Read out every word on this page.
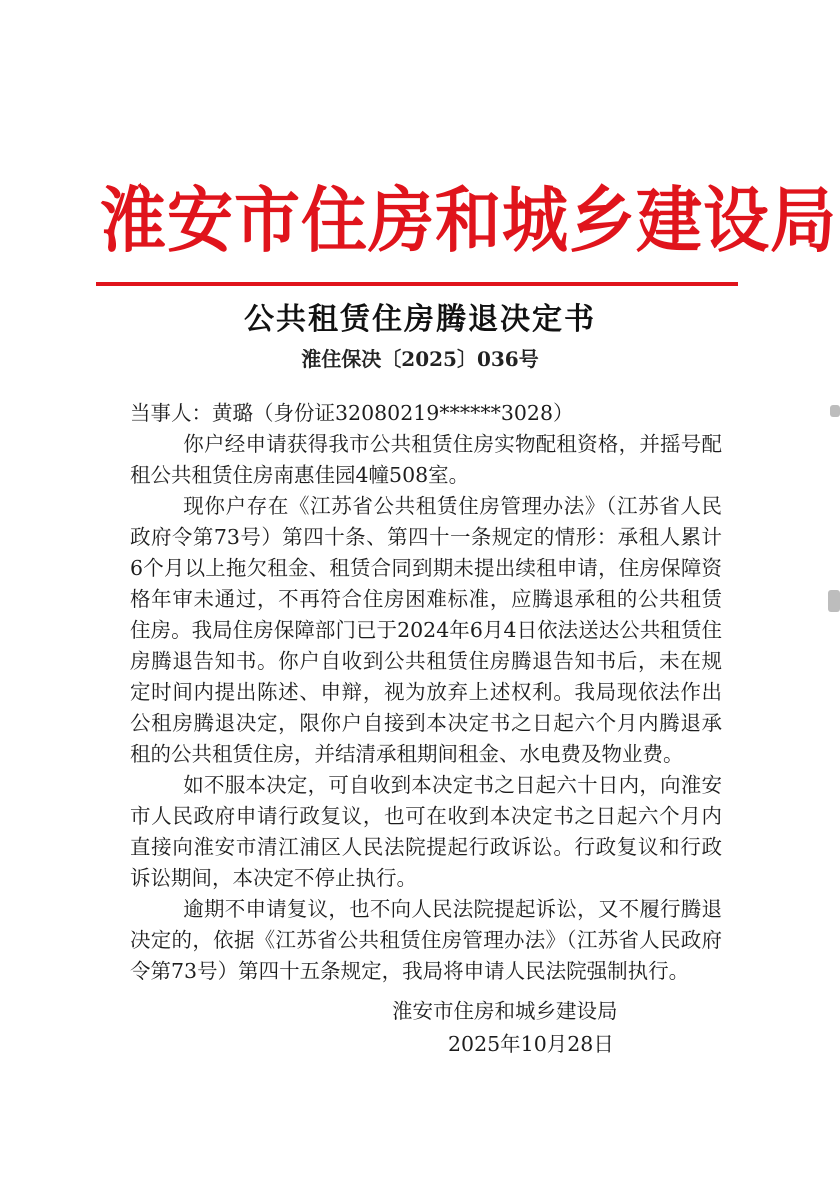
淮安市住房和城乡建设局
公共租赁住房腾退决定书
淮住保决〔2025〕036号

当事人：黄璐（身份证32080219******3028）

你户经申请获得我市公共租赁住房实物配租资格，并摇号配租公共租赁住房南惠佳园4幢508室。

现你户存在《江苏省公共租赁住房管理办法》（江苏省人民政府令第73号）第四十条、第四十一条规定的情形：承租人累计6个月以上拖欠租金、租赁合同到期未提出续租申请，住房保障资格年审未通过，不再符合住房困难标准，应腾退承租的公共租赁住房。我局住房保障部门已于2024年6月4日依法送达公共租赁住房腾退告知书。你户自收到公共租赁住房腾退告知书后，未在规定时间内提出陈述、申辩，视为放弃上述权利。我局现依法作出公租房腾退决定，限你户自接到本决定书之日起六个月内腾退承租的公共租赁住房，并结清承租期间租金、水电费及物业费。

如不服本决定，可自收到本决定书之日起六十日内，向淮安市人民政府申请行政复议，也可在收到本决定书之日起六个月内直接向淮安市清江浦区人民法院提起行政诉讼。行政复议和行政诉讼期间，本决定不停止执行。

逾期不申请复议，也不向人民法院提起诉讼，又不履行腾退决定的，依据《江苏省公共租赁住房管理办法》（江苏省人民政府令第73号）第四十五条规定，我局将申请人民法院强制执行。

淮安市住房和城乡建设局
2025年10月28日
